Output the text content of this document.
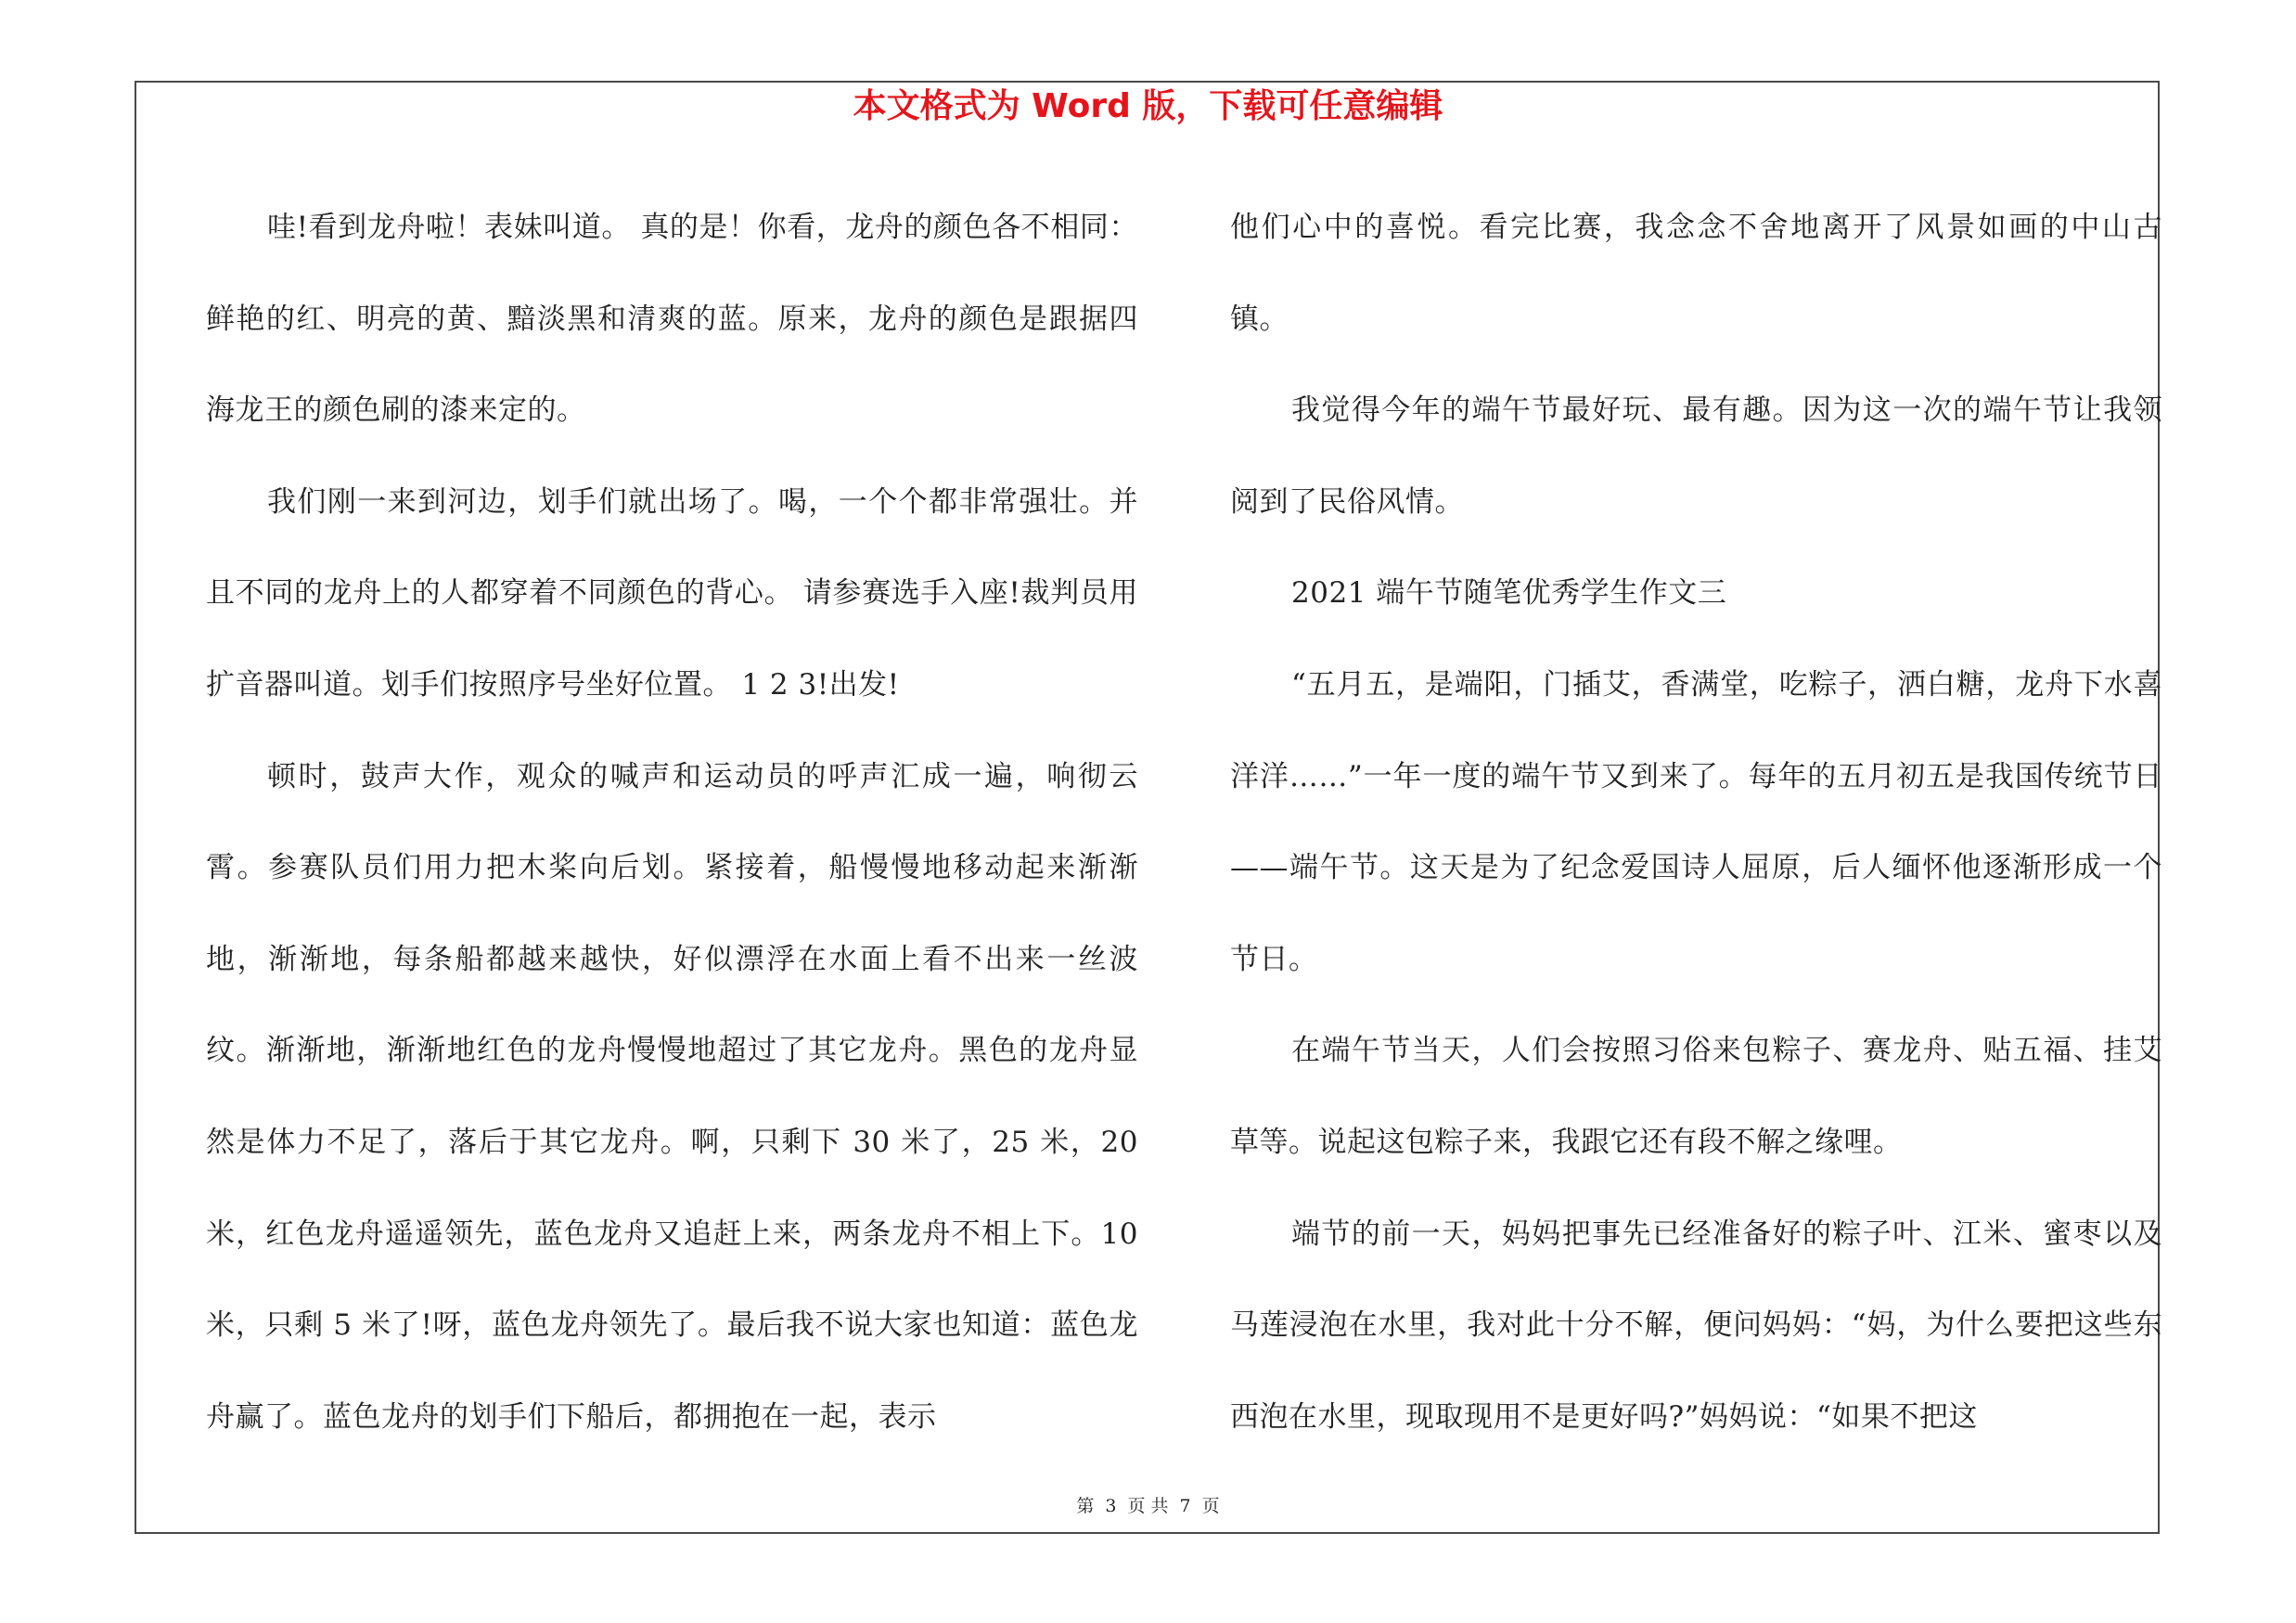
本文格式为 Word 版，下载可任意编辑

哇!看到龙舟啦！表妹叫道。 真的是！你看，龙舟的颜色各不相同：鲜艳的红、明亮的黄、黯淡黑和清爽的蓝。原来，龙舟的颜色是跟据四海龙王的颜色刷的漆来定的。

我们刚一来到河边，划手们就出场了。喝，一个个都非常强壮。并且不同的龙舟上的人都穿着不同颜色的背心。 请参赛选手入座!裁判员用扩音器叫道。划手们按照序号坐好位置。 1 2 3!出发!

顿时，鼓声大作，观众的喊声和运动员的呼声汇成一遍，响彻云霄。参赛队员们用力把木桨向后划。紧接着，船慢慢地移动起来渐渐地，渐渐地，每条船都越来越快，好似漂浮在水面上看不出来一丝波纹。渐渐地，渐渐地红色的龙舟慢慢地超过了其它龙舟。黑色的龙舟显然是体力不足了，落后于其它龙舟。啊，只剩下 30 米了，25 米，20 米，红色龙舟遥遥领先，蓝色龙舟又追赶上来，两条龙舟不相上下。10 米，只剩 5 米了!呀，蓝色龙舟领先了。最后我不说大家也知道：蓝色龙舟赢了。蓝色龙舟的划手们下船后，都拥抱在一起，表示

他们心中的喜悦。看完比赛，我念念不舍地离开了风景如画的中山古镇。

我觉得今年的端午节最好玩、最有趣。因为这一次的端午节让我领阅到了民俗风情。

2021 端午节随笔优秀学生作文三

“五月五，是端阳，门插艾，香满堂，吃粽子，洒白糖，龙舟下水喜洋洋……”一年一度的端午节又到来了。每年的五月初五是我国传统节日——端午节。这天是为了纪念爱国诗人屈原，后人缅怀他逐渐形成一个节日。

在端午节当天，人们会按照习俗来包粽子、赛龙舟、贴五福、挂艾草等。说起这包粽子来，我跟它还有段不解之缘哩。

端节的前一天，妈妈把事先已经准备好的粽子叶、江米、蜜枣以及马莲浸泡在水里，我对此十分不解，便问妈妈：“妈，为什么要把这些东西泡在水里，现取现用不是更好吗?”妈妈说：“如果不把这

第 3 页 共 7 页
